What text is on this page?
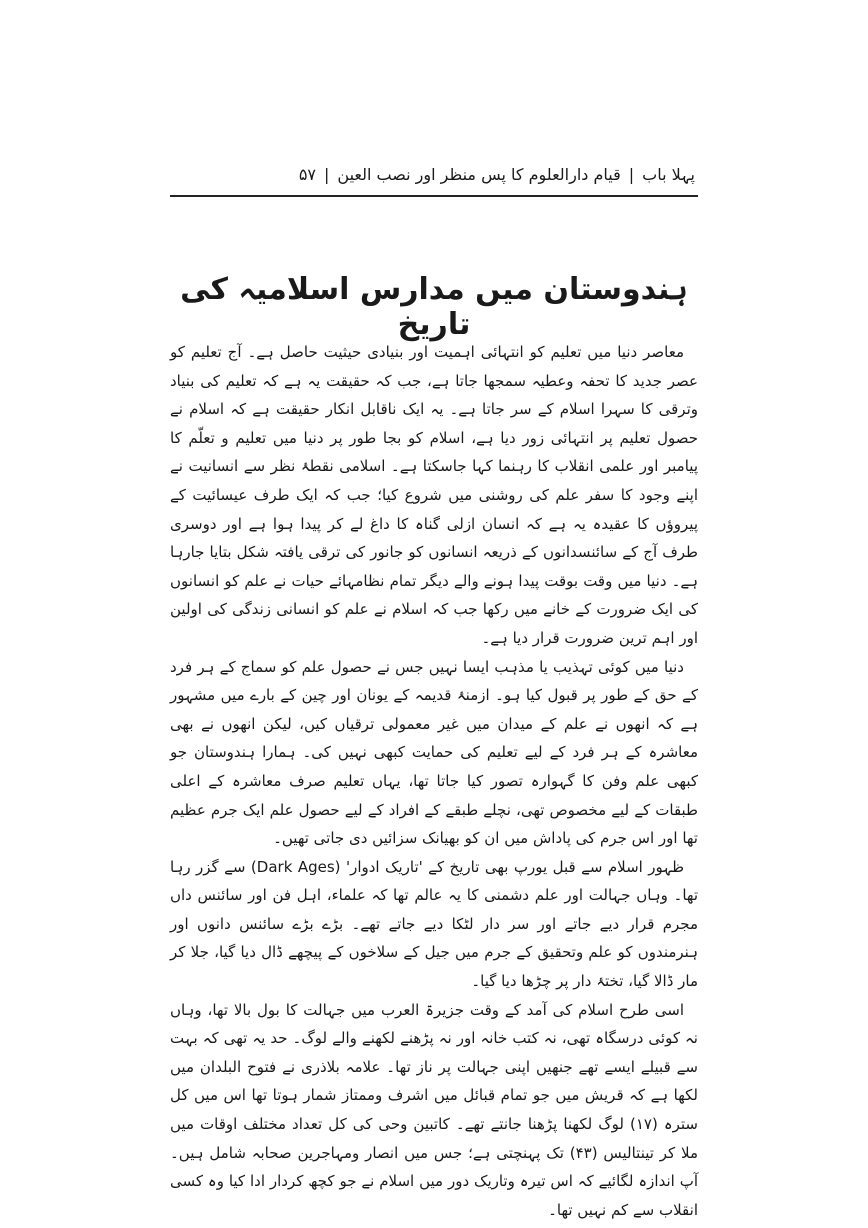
پہلا باب
|
قیام دارالعلوم کا پس منظر اور نصب العین
|
۵۷
ہندوستان میں مدارس اسلامیہ کی تاریخ

معاصر دنیا میں تعلیم کو انتہائی اہمیت اور بنیادی حیثیت حاصل ہے۔ آج تعلیم کو عصر جدید کا تحفہ وعطیہ سمجھا جاتا ہے، جب کہ حقیقت یہ ہے کہ تعلیم کی بنیاد وترقی کا سہرا اسلام کے سر جاتا ہے۔ یہ ایک ناقابل انکار حقیقت ہے کہ اسلام نے حصول تعلیم پر انتہائی زور دیا ہے، اسلام کو بجا طور پر دنیا میں تعلیم و تعلّم کا پیامبر اور علمی انقلاب کا رہنما کہا جاسکتا ہے۔ اسلامی نقطۂ نظر سے انسانیت نے اپنے وجود کا سفر علم کی روشنی میں شروع کیا؛ جب کہ ایک طرف عیسائیت کے پیروؤں کا عقیدہ یہ ہے کہ انسان ازلی گناہ کا داغ لے کر پیدا ہوا ہے اور دوسری طرف آج کے سائنسدانوں کے ذریعہ انسانوں کو جانور کی ترقی یافتہ شکل بتایا جارہا ہے۔ دنیا میں وقت بوقت پیدا ہونے والے دیگر تمام نظامہائے حیات نے علم کو انسانوں کی ایک ضرورت کے خانے میں رکھا جب کہ اسلام نے علم کو انسانی زندگی کی اولین اور اہم ترین ضرورت قرار دیا ہے۔

دنیا میں کوئی تہذیب یا مذہب ایسا نہیں جس نے حصول علم کو سماج کے ہر فرد کے حق کے طور پر قبول کیا ہو۔ ازمنۂ قدیمہ کے یونان اور چین کے بارے میں مشہور ہے کہ انھوں نے علم کے میدان میں غیر معمولی ترقیاں کیں، لیکن انھوں نے بھی معاشرہ کے ہر فرد کے لیے تعلیم کی حمایت کبھی نہیں کی۔ ہمارا ہندوستان جو کبھی علم وفن کا گہوارہ تصور کیا جاتا تھا، یہاں تعلیم صرف معاشرہ کے اعلی طبقات کے لیے مخصوص تھی، نچلے طبقے کے افراد کے لیے حصول علم ایک جرم عظیم تھا اور اس جرم کی پاداش میں ان کو بھیانک سزائیں دی جاتی تھیں۔

ظہور اسلام سے قبل یورپ بھی تاریخ کے 'تاریک ادوار' (Dark Ages) سے گزر رہا تھا۔ وہاں جہالت اور علم دشمنی کا یہ عالم تھا کہ علماء، اہل فن اور سائنس داں مجرم قرار دیے جاتے اور سر دار لٹکا دیے جاتے تھے۔ بڑے بڑے سائنس دانوں اور ہنرمندوں کو علم وتحقیق کے جرم میں جیل کے سلاخوں کے پیچھے ڈال دیا گیا، جلا کر مار ڈالا گیا، تختۂ دار پر چڑھا دیا گیا۔

اسی طرح اسلام کی آمد کے وقت جزیرۃ العرب میں جہالت کا بول بالا تھا، وہاں نہ کوئی درسگاہ تھی، نہ کتب خانہ اور نہ پڑھنے لکھنے والے لوگ۔ حد یہ تھی کہ بہت سے قبیلے ایسے تھے جنھیں اپنی جہالت پر ناز تھا۔ علامہ بلاذری نے فتوح البلدان میں لکھا ہے کہ قریش میں جو تمام قبائل میں اشرف وممتاز شمار ہوتا تھا اس میں کل سترہ (۱۷) لوگ لکھنا پڑھنا جانتے تھے۔ کاتبین وحی کی کل تعداد مختلف اوقات میں ملا کر تینتالیس (۴۳) تک پہنچتی ہے؛ جس میں انصار ومہاجرین صحابہ شامل ہیں۔ آپ اندازہ لگائیے کہ اس تیرہ وتاریک دور میں اسلام نے جو کچھ کردار ادا کیا وہ کسی انقلاب سے کم نہیں تھا۔
